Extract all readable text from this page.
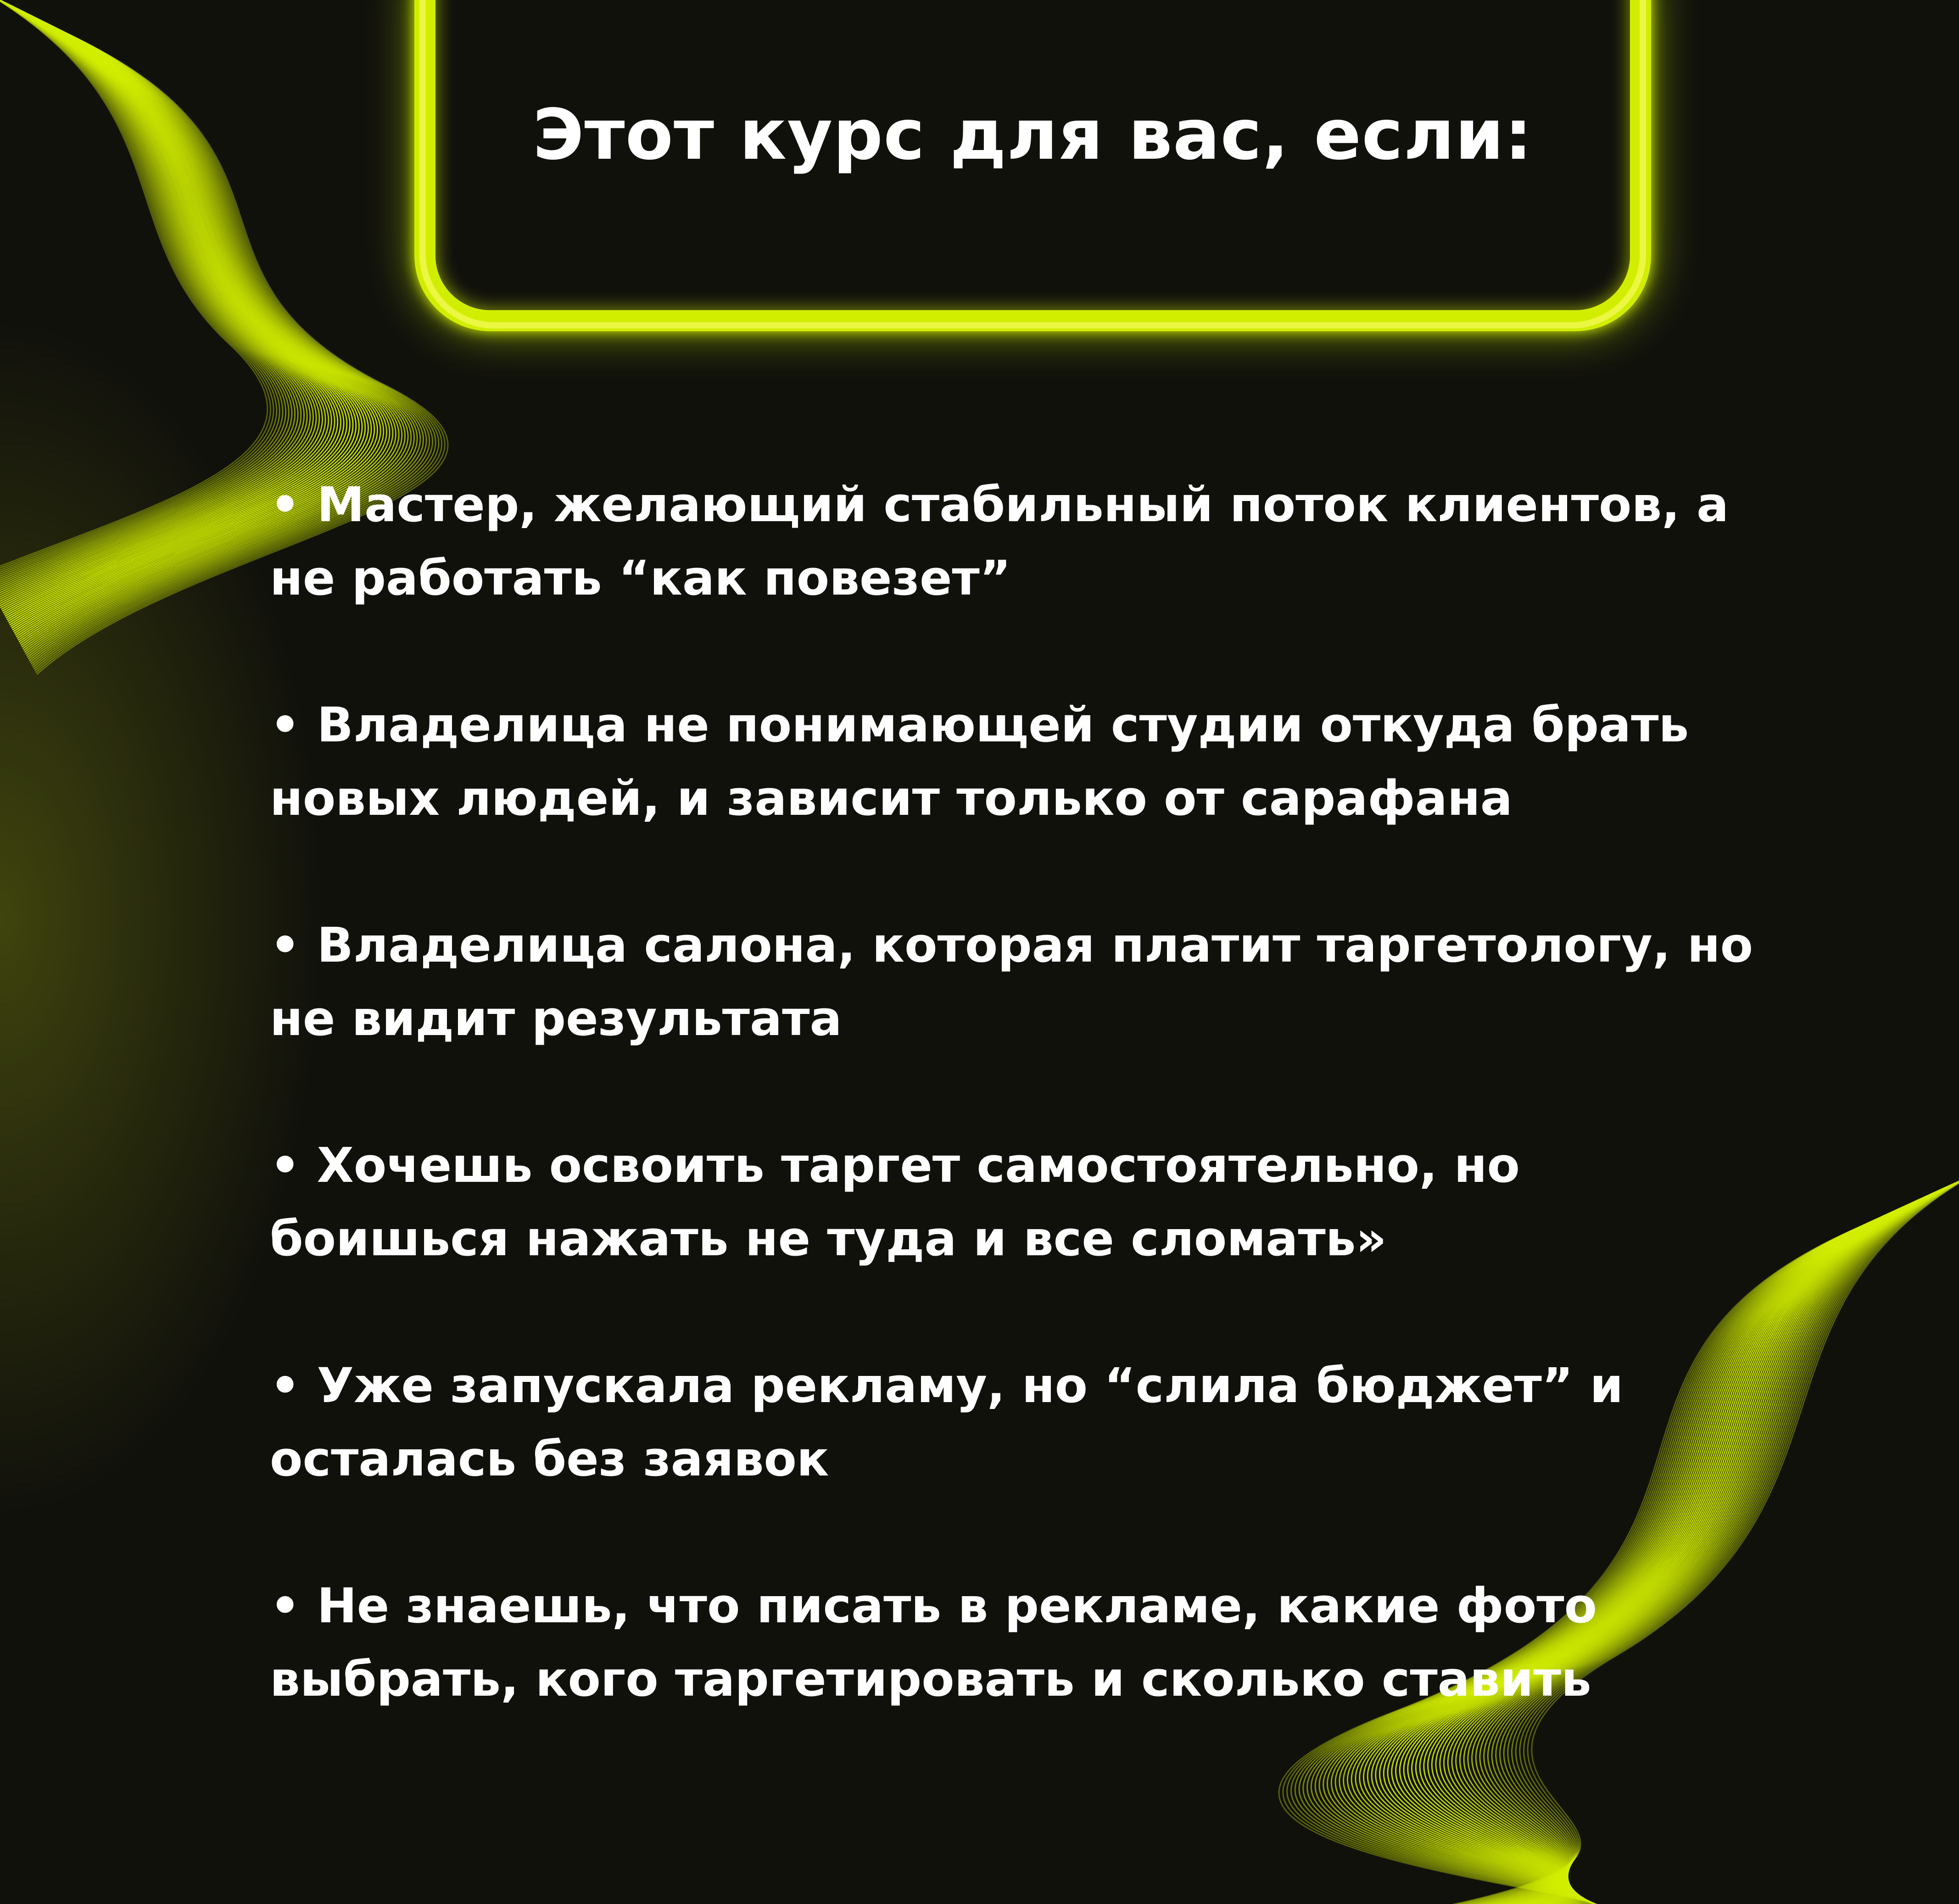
Этот курс для вас, если:
• Мастер, желающий стабильный поток клиентов, а
не работать “как повезет”
• Владелица не понимающей студии откуда брать
новых людей, и зависит только от сарафана
• Владелица салона, которая платит таргетологу, но
не видит результата
• Хочешь освоить таргет самостоятельно, но
боишься нажать не туда и все сломать»
• Уже запускала рекламу, но “слила бюджет” и
осталась без заявок
• Не знаешь, что писать в рекламе, какие фото
выбрать, кого таргетировать и сколько ставить
